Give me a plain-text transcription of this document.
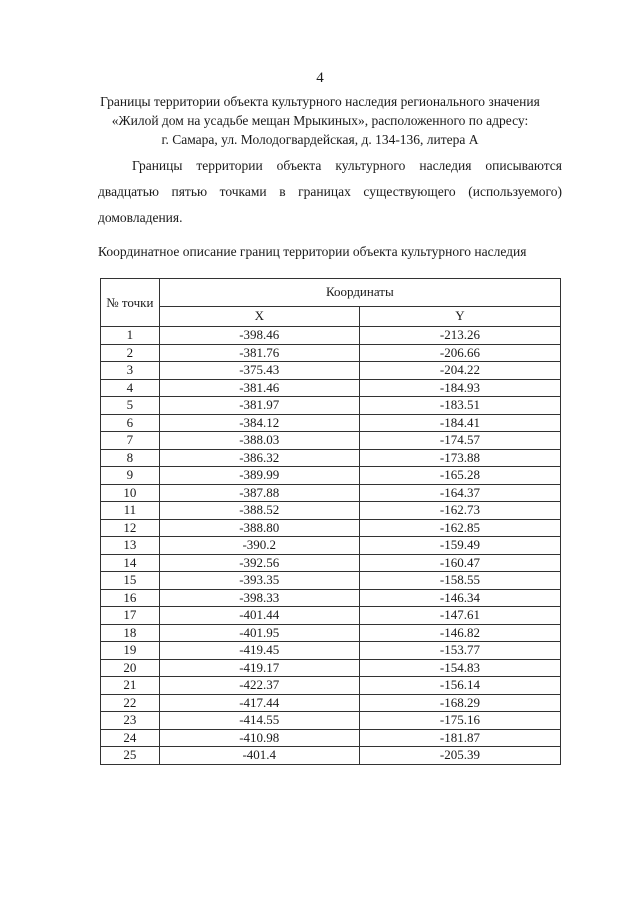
4
Границы территории объекта культурного наследия регионального значения
«Жилой дом на усадьбе мещан Мрыкиных», расположенного по адресу:
г. Самара, ул. Молодогвардейская, д. 134-136, литера А
Границы территории объекта культурного наследия описываются
двадцатью пятью точками в границах существующего (используемого)
домовладения.
Координатное описание границ территории объекта культурного наследия
№ точки	Координаты	
	X	Y
1	-398.46	-213.26
2	-381.76	-206.66
3	-375.43	-204.22
4	-381.46	-184.93
5	-381.97	-183.51
6	-384.12	-184.41
7	-388.03	-174.57
8	-386.32	-173.88
9	-389.99	-165.28
10	-387.88	-164.37
11	-388.52	-162.73
12	-388.80	-162.85
13	-390.2	-159.49
14	-392.56	-160.47
15	-393.35	-158.55
16	-398.33	-146.34
17	-401.44	-147.61
18	-401.95	-146.82
19	-419.45	-153.77
20	-419.17	-154.83
21	-422.37	-156.14
22	-417.44	-168.29
23	-414.55	-175.16
24	-410.98	-181.87
25	-401.4	-205.39
